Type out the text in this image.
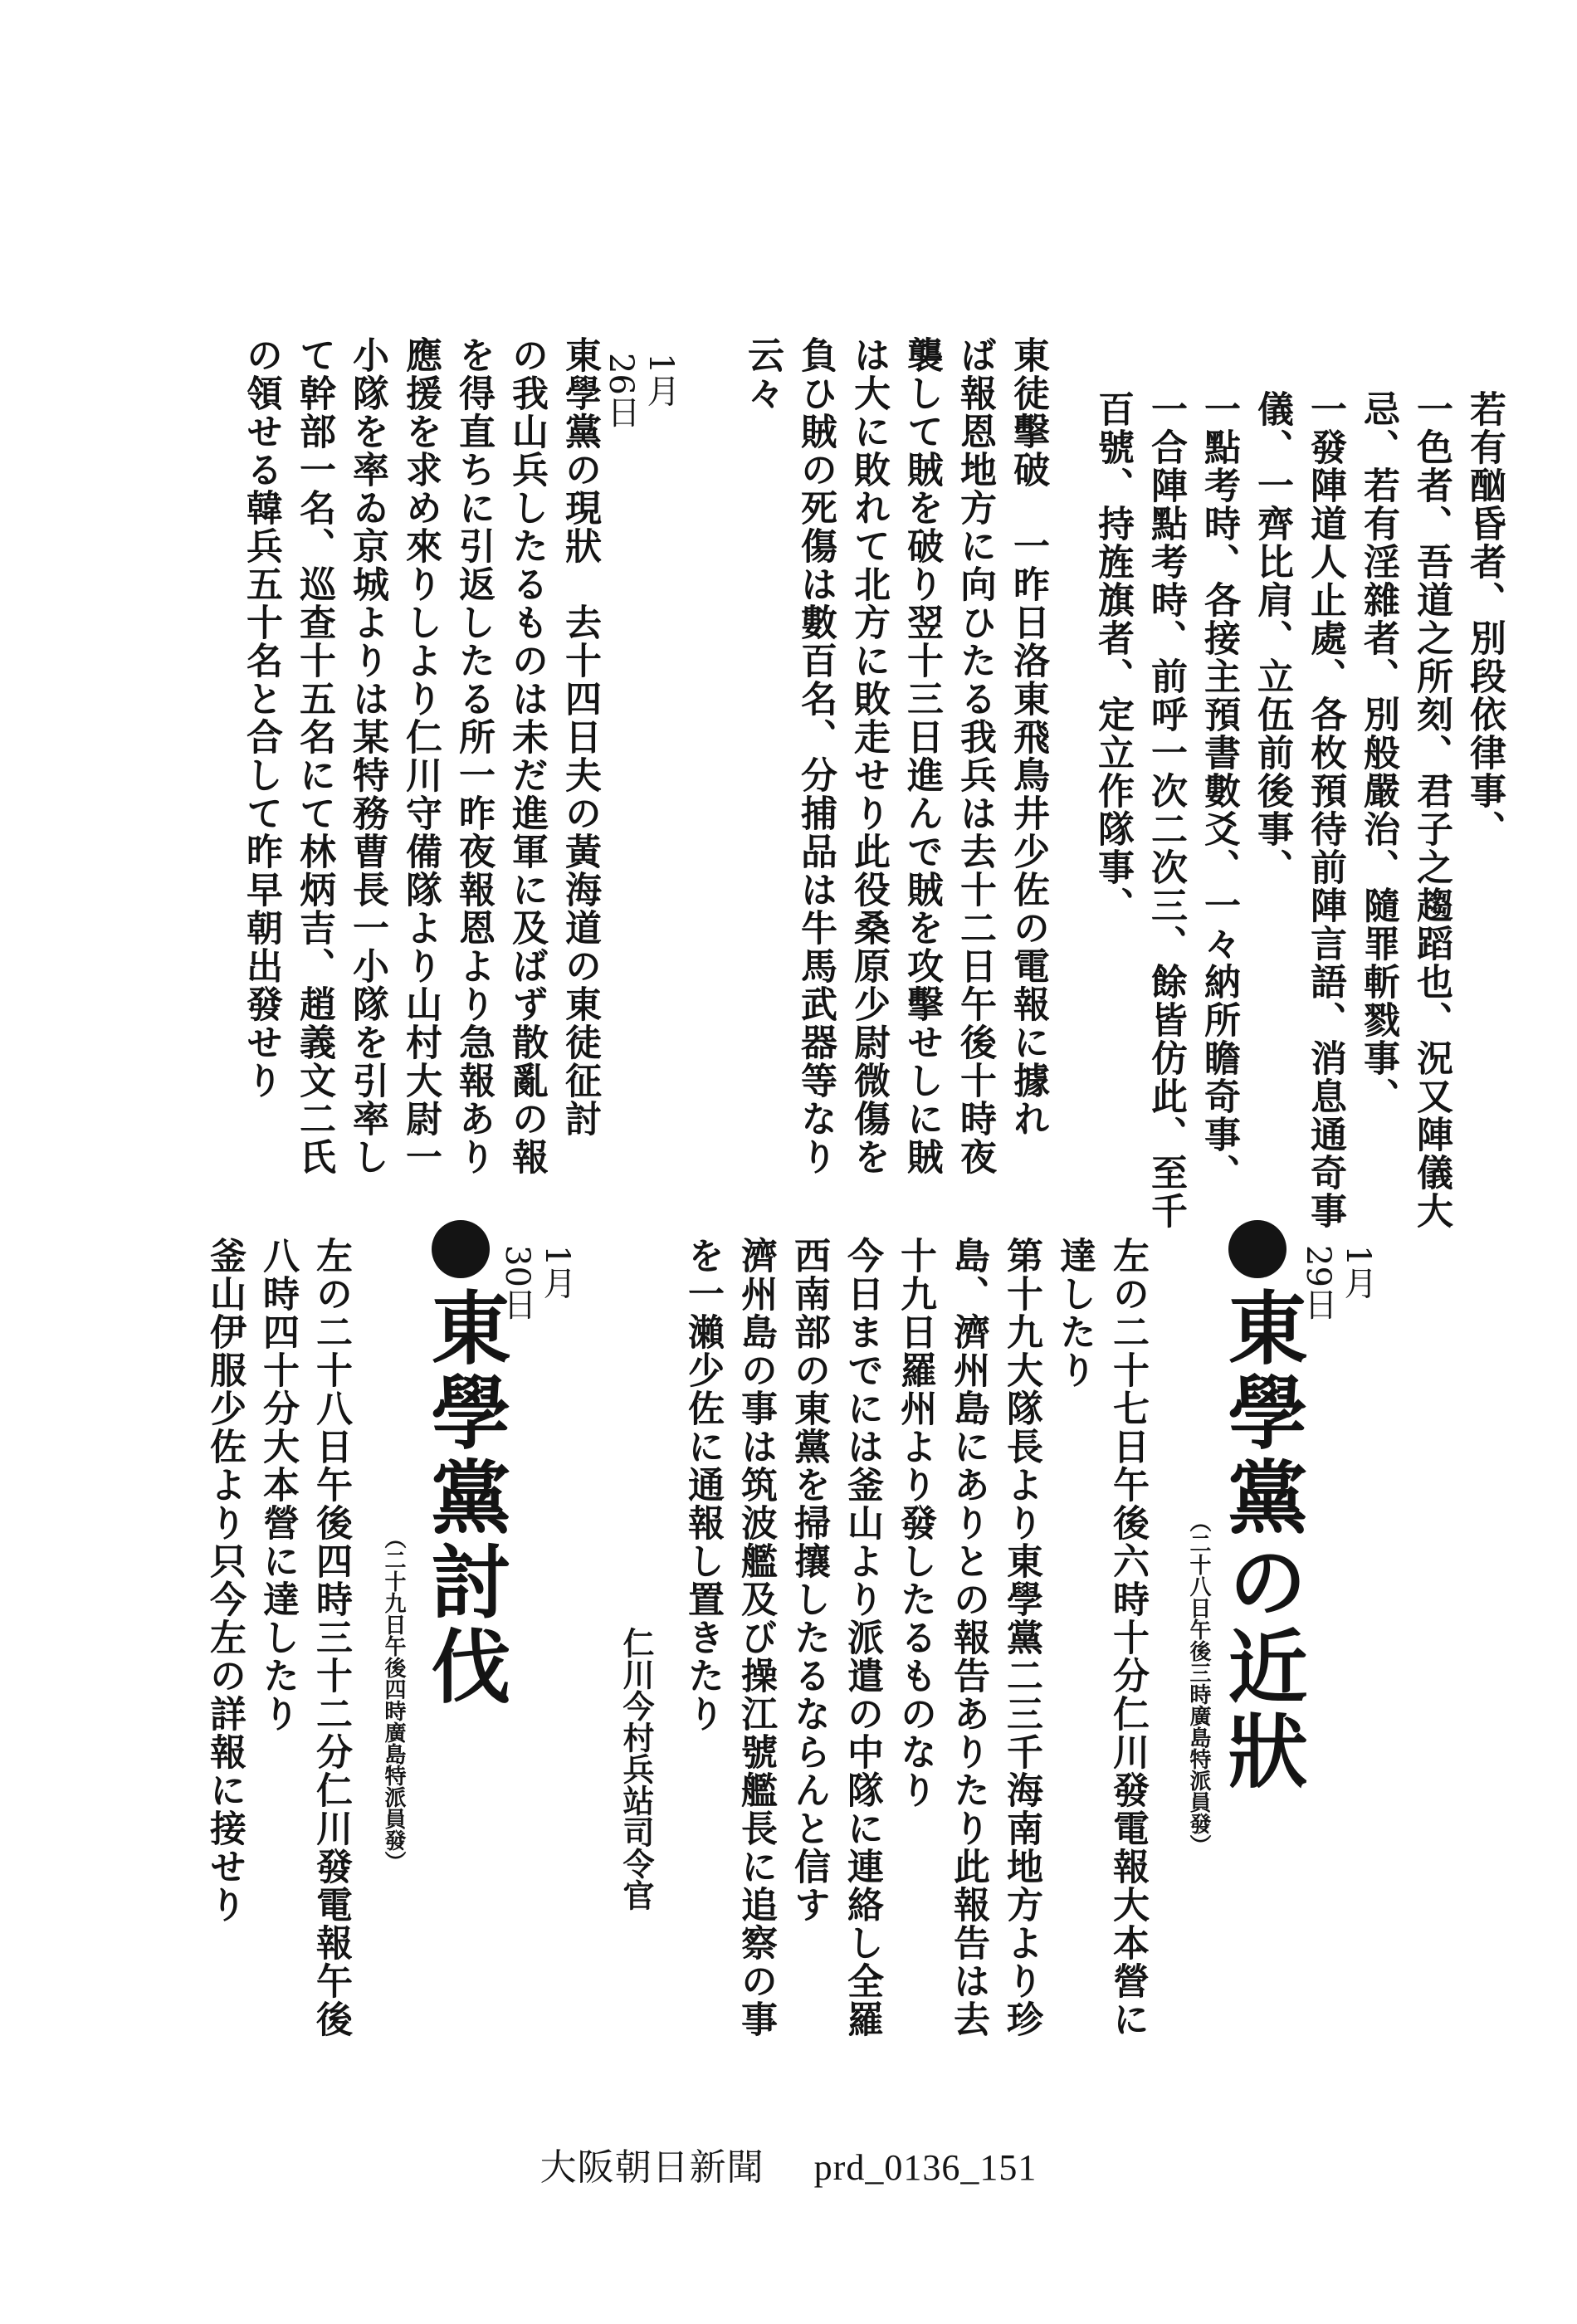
若有酗昏者、別段依律事、
一色者、吾道之所刻、君子之趨蹈也、況又陣儀大
忌、若有淫雜者、別般嚴治、隨罪斬戮事、
一發陣道人止處、各枚預待前陣言語、消息通奇事
儀、一齊比肩、立伍前後事、
一點考時、各接主預書數爻、一々納所瞻奇事、
一合陣點考時、前呼一次二次三、餘皆仿此、至千
百號、持旌旗者、定立作隊事、
東徒擊破　一昨日洛東飛鳥井少佐の電報に據れ
ば報恩地方に向ひたる我兵は去十二日午後十時夜
襲して賊を破り翌十三日進んで賊を攻擊せしに賊
は大に敗れて北方に敗走せり此役桑原少尉微傷を
負ひ賊の死傷は數百名、分捕品は牛馬武器等なり
云々
1月
26日
東學黨の現狀　去十四日夫の黃海道の東徒征討
の我山兵したるものは未だ進軍に及ばず散亂の報
を得直ちに引返したる所一昨夜報恩より急報あり
應援を求め來りしより仁川守備隊より山村大尉一
小隊を率ゐ京城よりは某特務曹長一小隊を引率し
て幹部一名、巡查十五名にて林炳吉、趙義文二氏
の領せる韓兵五十名と合して昨早朝出發せり
1月
29日
東學黨の近狀
（二十八日午後三時廣島特派員發）
左の二十七日午後六時十分仁川發電報大本營に
達したり
第十九大隊長より東學黨二三千海南地方より珍
島、濟州島にありとの報告ありたり此報告は去
十九日羅州より發したるものなり
今日までには釜山より派遣の中隊に連絡し全羅
西南部の東黨を掃攘したるならんと信す
濟州島の事は筑波艦及び操江號艦長に追察の事
を一瀨少佐に通報し置きたり
仁川今村兵站司令官
1月
30日
東學黨討伐
（二十九日午後四時廣島特派員發）
左の二十八日午後四時三十二分仁川發電報午後
八時四十分大本營に達したり
釜山伊服少佐より只今左の詳報に接せり
大阪朝日新聞 prd_0136_151
